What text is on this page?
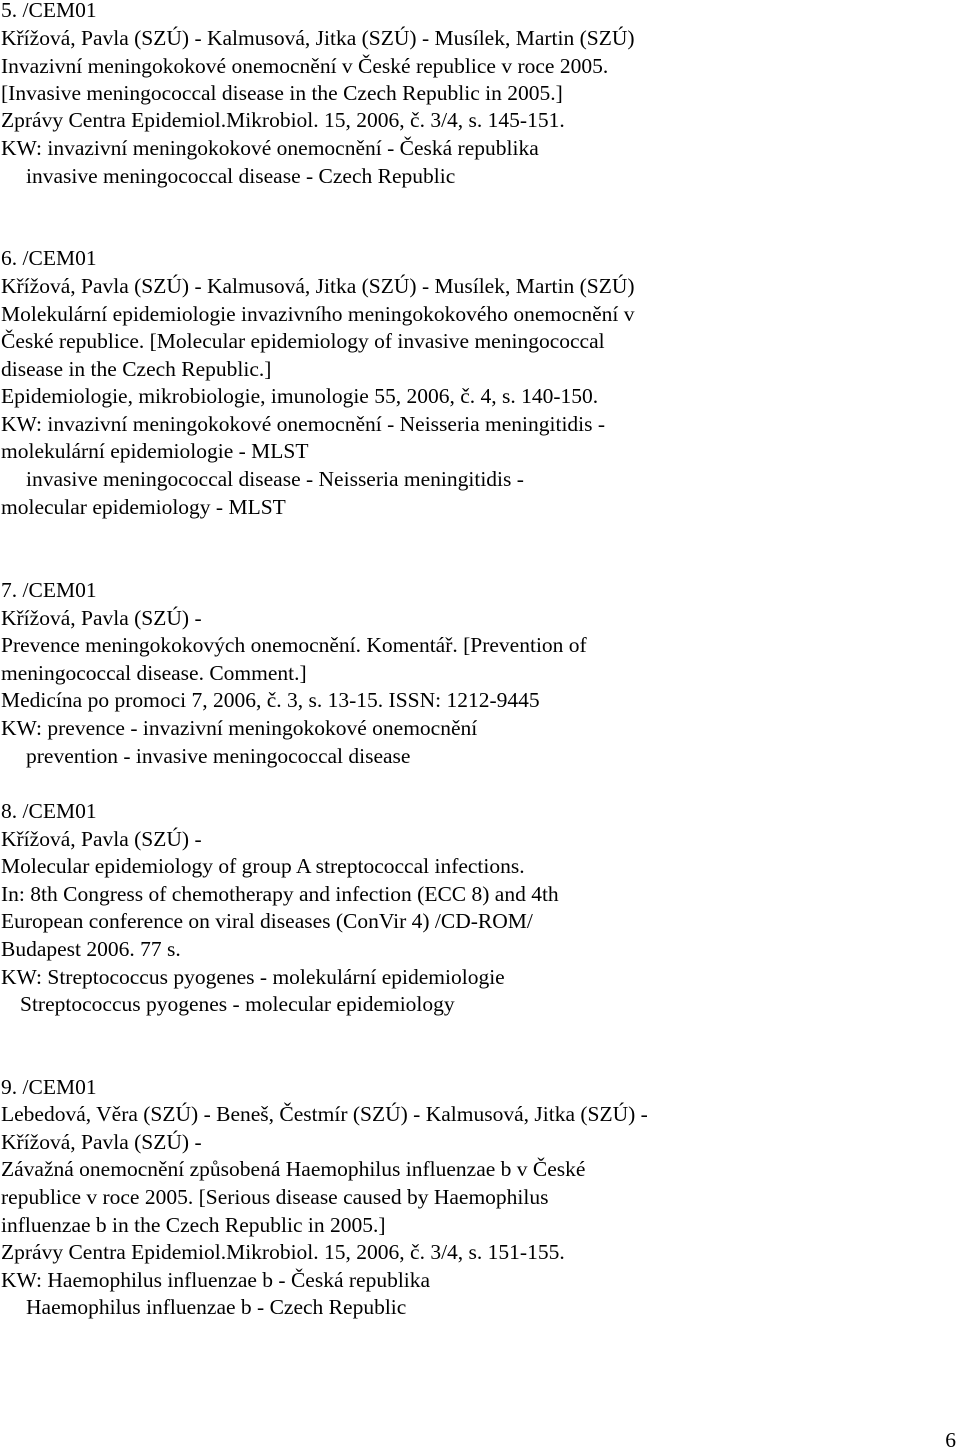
5. /CEM01
Křížová, Pavla (SZÚ) - Kalmusová, Jitka (SZÚ) - Musílek, Martin (SZÚ)
Invazivní meningokokové onemocnění v České republice v roce 2005.
[Invasive meningococcal disease in the Czech Republic in 2005.]
Zprávy Centra Epidemiol.Mikrobiol. 15, 2006, č. 3/4, s. 145-151.
KW: invazivní meningokokové onemocnění - Česká republika
invasive meningococcal disease - Czech Republic
6. /CEM01
Křížová, Pavla (SZÚ) - Kalmusová, Jitka (SZÚ) - Musílek, Martin (SZÚ)
Molekulární epidemiologie invazivního meningokokového onemocnění v
České republice. [Molecular epidemiology of invasive meningococcal
disease in the Czech Republic.]
Epidemiologie, mikrobiologie, imunologie 55, 2006, č. 4, s. 140-150.
KW: invazivní meningokokové onemocnění - Neisseria meningitidis -
molekulární epidemiologie - MLST
invasive meningococcal disease - Neisseria meningitidis -
molecular epidemiology - MLST
7. /CEM01
Křížová, Pavla (SZÚ) -
Prevence meningokokových onemocnění. Komentář. [Prevention of
meningococcal disease. Comment.]
Medicína po promoci 7, 2006, č. 3, s. 13-15. ISSN: 1212-9445
KW: prevence - invazivní meningokokové onemocnění
prevention - invasive meningococcal disease
8. /CEM01
Křížová, Pavla (SZÚ) -
Molecular epidemiology of group A streptococcal infections.
In: 8th Congress of chemotherapy and infection (ECC 8) and 4th
European conference on viral diseases (ConVir 4) /CD-ROM/
Budapest 2006. 77 s.
KW: Streptococcus pyogenes - molekulární epidemiologie
Streptococcus pyogenes - molecular epidemiology
9. /CEM01
Lebedová, Věra (SZÚ) - Beneš, Čestmír (SZÚ) - Kalmusová, Jitka (SZÚ) -
Křížová, Pavla (SZÚ) -
Závažná onemocnění způsobená Haemophilus influenzae b v České
republice v roce 2005. [Serious disease caused by Haemophilus
influenzae b in the Czech Republic in 2005.]
Zprávy Centra Epidemiol.Mikrobiol. 15, 2006, č. 3/4, s. 151-155.
KW: Haemophilus influenzae b - Česká republika
Haemophilus influenzae b - Czech Republic
6
